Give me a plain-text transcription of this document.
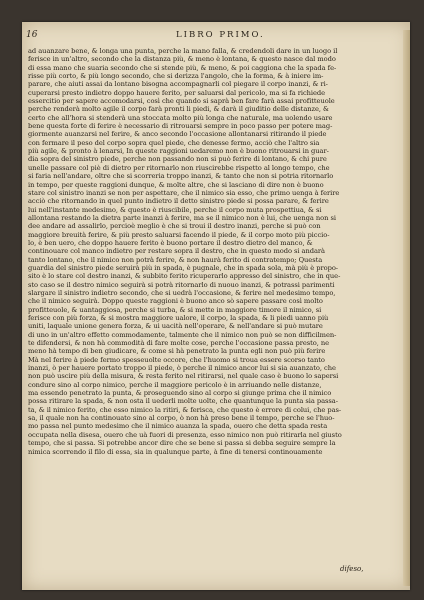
16	LIBRO PRIMO.
ad auanzare bene, & longa una punta, perche la mano falla, & credendoli dare in un luogo il
ferisce in un'altro, secondo che la distanza più, & meno è lontana, & questo nasce dal modo
di essa mano che suaria secondo che si stende più, & meno, & poi caggiona che la spada fe-
risse più corto, & più longo secondo, che si derizza l'angolo, che la forma, & à iniere im-
parare, che aiuti assai da lontano bisogna accompagnarli col piegare il corpo inanzi, & ri-
cuperarsi presto indietro doppo hauere ferito, per saluarsi dal pericolo, ma si fa richiede
essercitio per sapere accomodarsi, così che quando si saprà ben fare farà assai profitteuole
perche renderà molto agile il corpo farà pronti li piedi, & darà il giuditio delle distanze, &
certo che all'hora si stenderà una stoccata molto più longa che naturale, ma uolendo usare
bene questa forte di ferire è necessario di ritrouarsi sempre in poco passo per potere mag-
giormente auanzarsi nel ferire, & anco secondo l'occasione allontanarsi ritirando il piede
con fermare il peso del corpo sopra quel piede, che denesse fermo, acciò che l'altro sia
più agile, & pronto à lenarsi, In queste raggioni uedaremo non è buono ritrouarsi in guar-
dia sopra del sinistro piede, perche non passando non si può ferire di lontano, & chi pure
unelle passare col piè di dietro per ritornarlo non riuscirebbe rispetto al longo tempo, che
si faria nell'andare, oltre che si scorreria troppo inanzi, & tanto che non si potria ritornarlo
in tempo, per queste raggioni dunque, & molte altre, che si lasciano di dire non è buono
stare col sinistro inanzi se non per aspettare, che il nimico sia esso, che primo uenga à ferire
acciò che ritornando in quel punto indietro il detto sinistro piede si possa parare, & ferire
lui nell'instante medesimo, & questo è riuscibile, perche il corpo muta prospettiua, & si
allontana restando la dietra parte inanzi à ferire, ma se il nimico non è lui, che uenga non si
dee andare ad assalirlo, percioè meglio è che si troui il destro inanzi, perche si può con
maggiore breuità ferire, & più presto saluarsi facendo il piede, & il corpo moto più piccio-
lo, è ben uero, che doppo hauere ferito è buono portare il destro dietro del manco, &
continouare col manco indietro per restare sopra il destro, che in questo modo si andarà
tanto lontano, che il nimico non potrà ferire, & non haurà ferito di contratempo; Questa
guardia del sinistro piede seruirà più in spada, è pugnale, che in spada sola, mà più è propo-
sito è lo stare col destro inanzi, & subbito ferito ricuperarlo appresso del sinistro, che in que-
sto caso se il destro nimico seguirà si potrà ritornarlo di nuouo inanzi, & potrassi parimenti
slargare il sinistro indietro secondo, che si uedrà l'occasione, & ferire nel medesimo tempo,
che il nimico seguirà. Doppo queste raggioni è buono anco sò sapere passare così molto
profitteuole, & uantaggiosa, perche si turba, & si mette in maggiore timore il nimico, si
ferisce con più forza, & si mostra maggiore ualore, il corpo, la spada, & li piedi uanno più
uniti, laquale unione genera forza, & ui uacità nell'operare, & nell'andare si può mutare
di uno in un'altro effetto commodamente, talmente che il nimico non può se non difficilmen-
te difendersi, & non hà commodità di fare molte cose, perche l'occasione passa presto, ne
meno hà tempo di ben giudicare, & come si hà penetrato la punta egli non può più ferire
Mà nel ferire à piede fermo spesseuolte occore, che l'huomo si troua essere scorso tanto
inanzi, ò per hauere portato troppo il piede, ò perche il nimico ancor lui si sia auanzato, che
non può uscire più della misura, & resta ferito nel ritirarsi, nel quale caso è buono lo sapersi
condure sino al corpo nimico, perche il maggiore pericolo è in arriuando nelle distanze,
ma essendo penetrato la punta, & proseguendo sino al corpo si giunge prima che il nimico
possa ritirare la spada, & non osta il uederli molte uolte, che quantunque la punta sia passa-
ta, & il nimico ferito, che esso nimico la ritiri, & ferisca, che questo è errore di colui, che pas-
sa, il quale non ha continouato sino al corpo, ò non hà preso bene il tempo, perche se l'huo-
mo passa nel punto medesimo che il nimico auanza la spada, ouero che detta spada resta
occupata nella disesa, ouero che uà fuori di presenza, esso nimico non può ritirarla nel giusto
tempo, che si passa. Si potrebbe ancor dire che se bene si passa si debba seguire sempre la
nimica scorrendo il filo di essa, sia in qualunque parte, à fine di tenersi continouamente
difeso,
